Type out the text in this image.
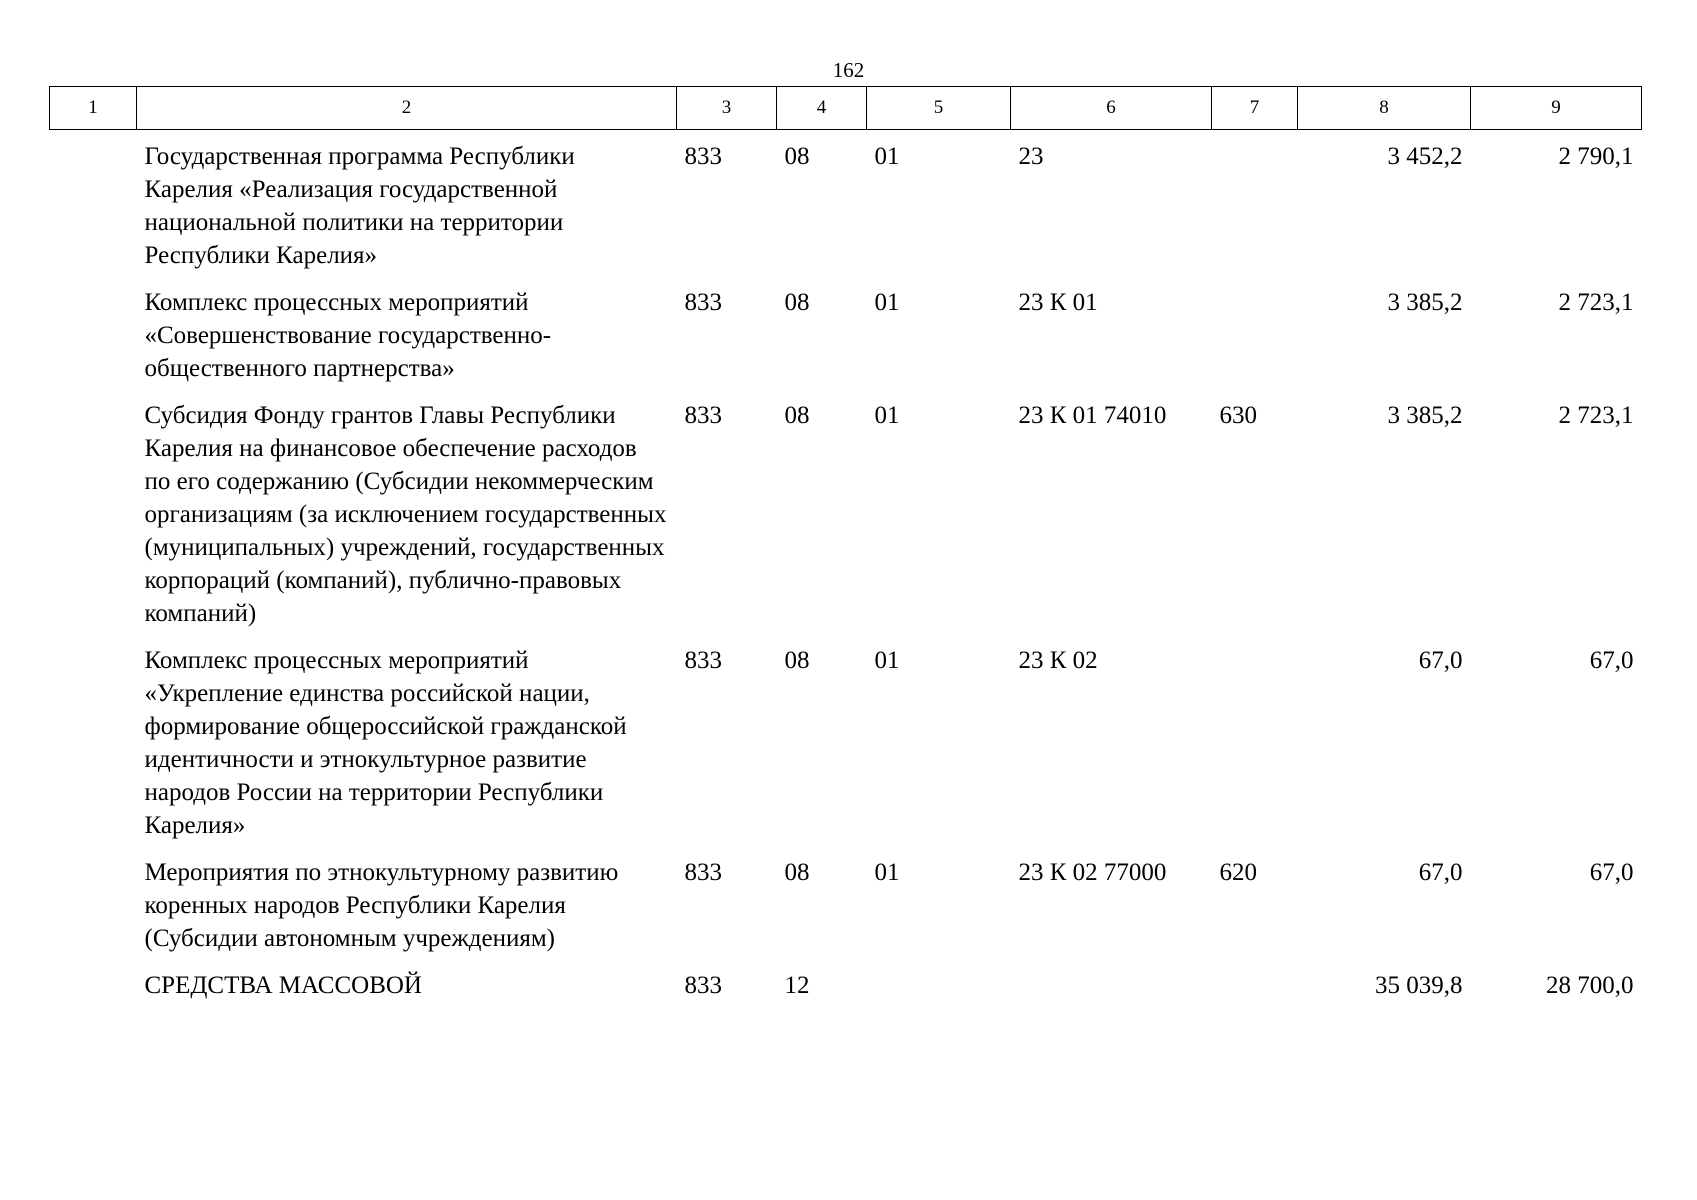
162
1	2	3	4	5	6	7	8	9
	Государственная программа Республики Карелия «Реализация государственной национальной политики на территории Республики Карелия»	833	08	01	23		3 452,2	2 790,1
	Комплекс процессных мероприятий «Совершенствование государственно-общественного партнерства»	833	08	01	23 К 01		3 385,2	2 723,1
	Субсидия Фонду грантов Главы Республики Карелия на финансовое обеспечение расходов по его содержанию (Субсидии некоммерческим организациям (за исключением государственных (муниципальных) учреждений, государственных корпораций (компаний), публично-правовых компаний)	833	08	01	23 К 01 74010	630	3 385,2	2 723,1
	Комплекс процессных мероприятий «Укрепление единства российской нации, формирование общероссийской гражданской идентичности и этнокультурное развитие народов России на территории Республики Карелия»	833	08	01	23 К 02		67,0	67,0
	Мероприятия по этнокультурному развитию коренных народов Республики Карелия (Субсидии автономным учреждениям)	833	08	01	23 К 02 77000	620	67,0	67,0
	СРЕДСТВА МАССОВОЙ	833	12				35 039,8	28 700,0
